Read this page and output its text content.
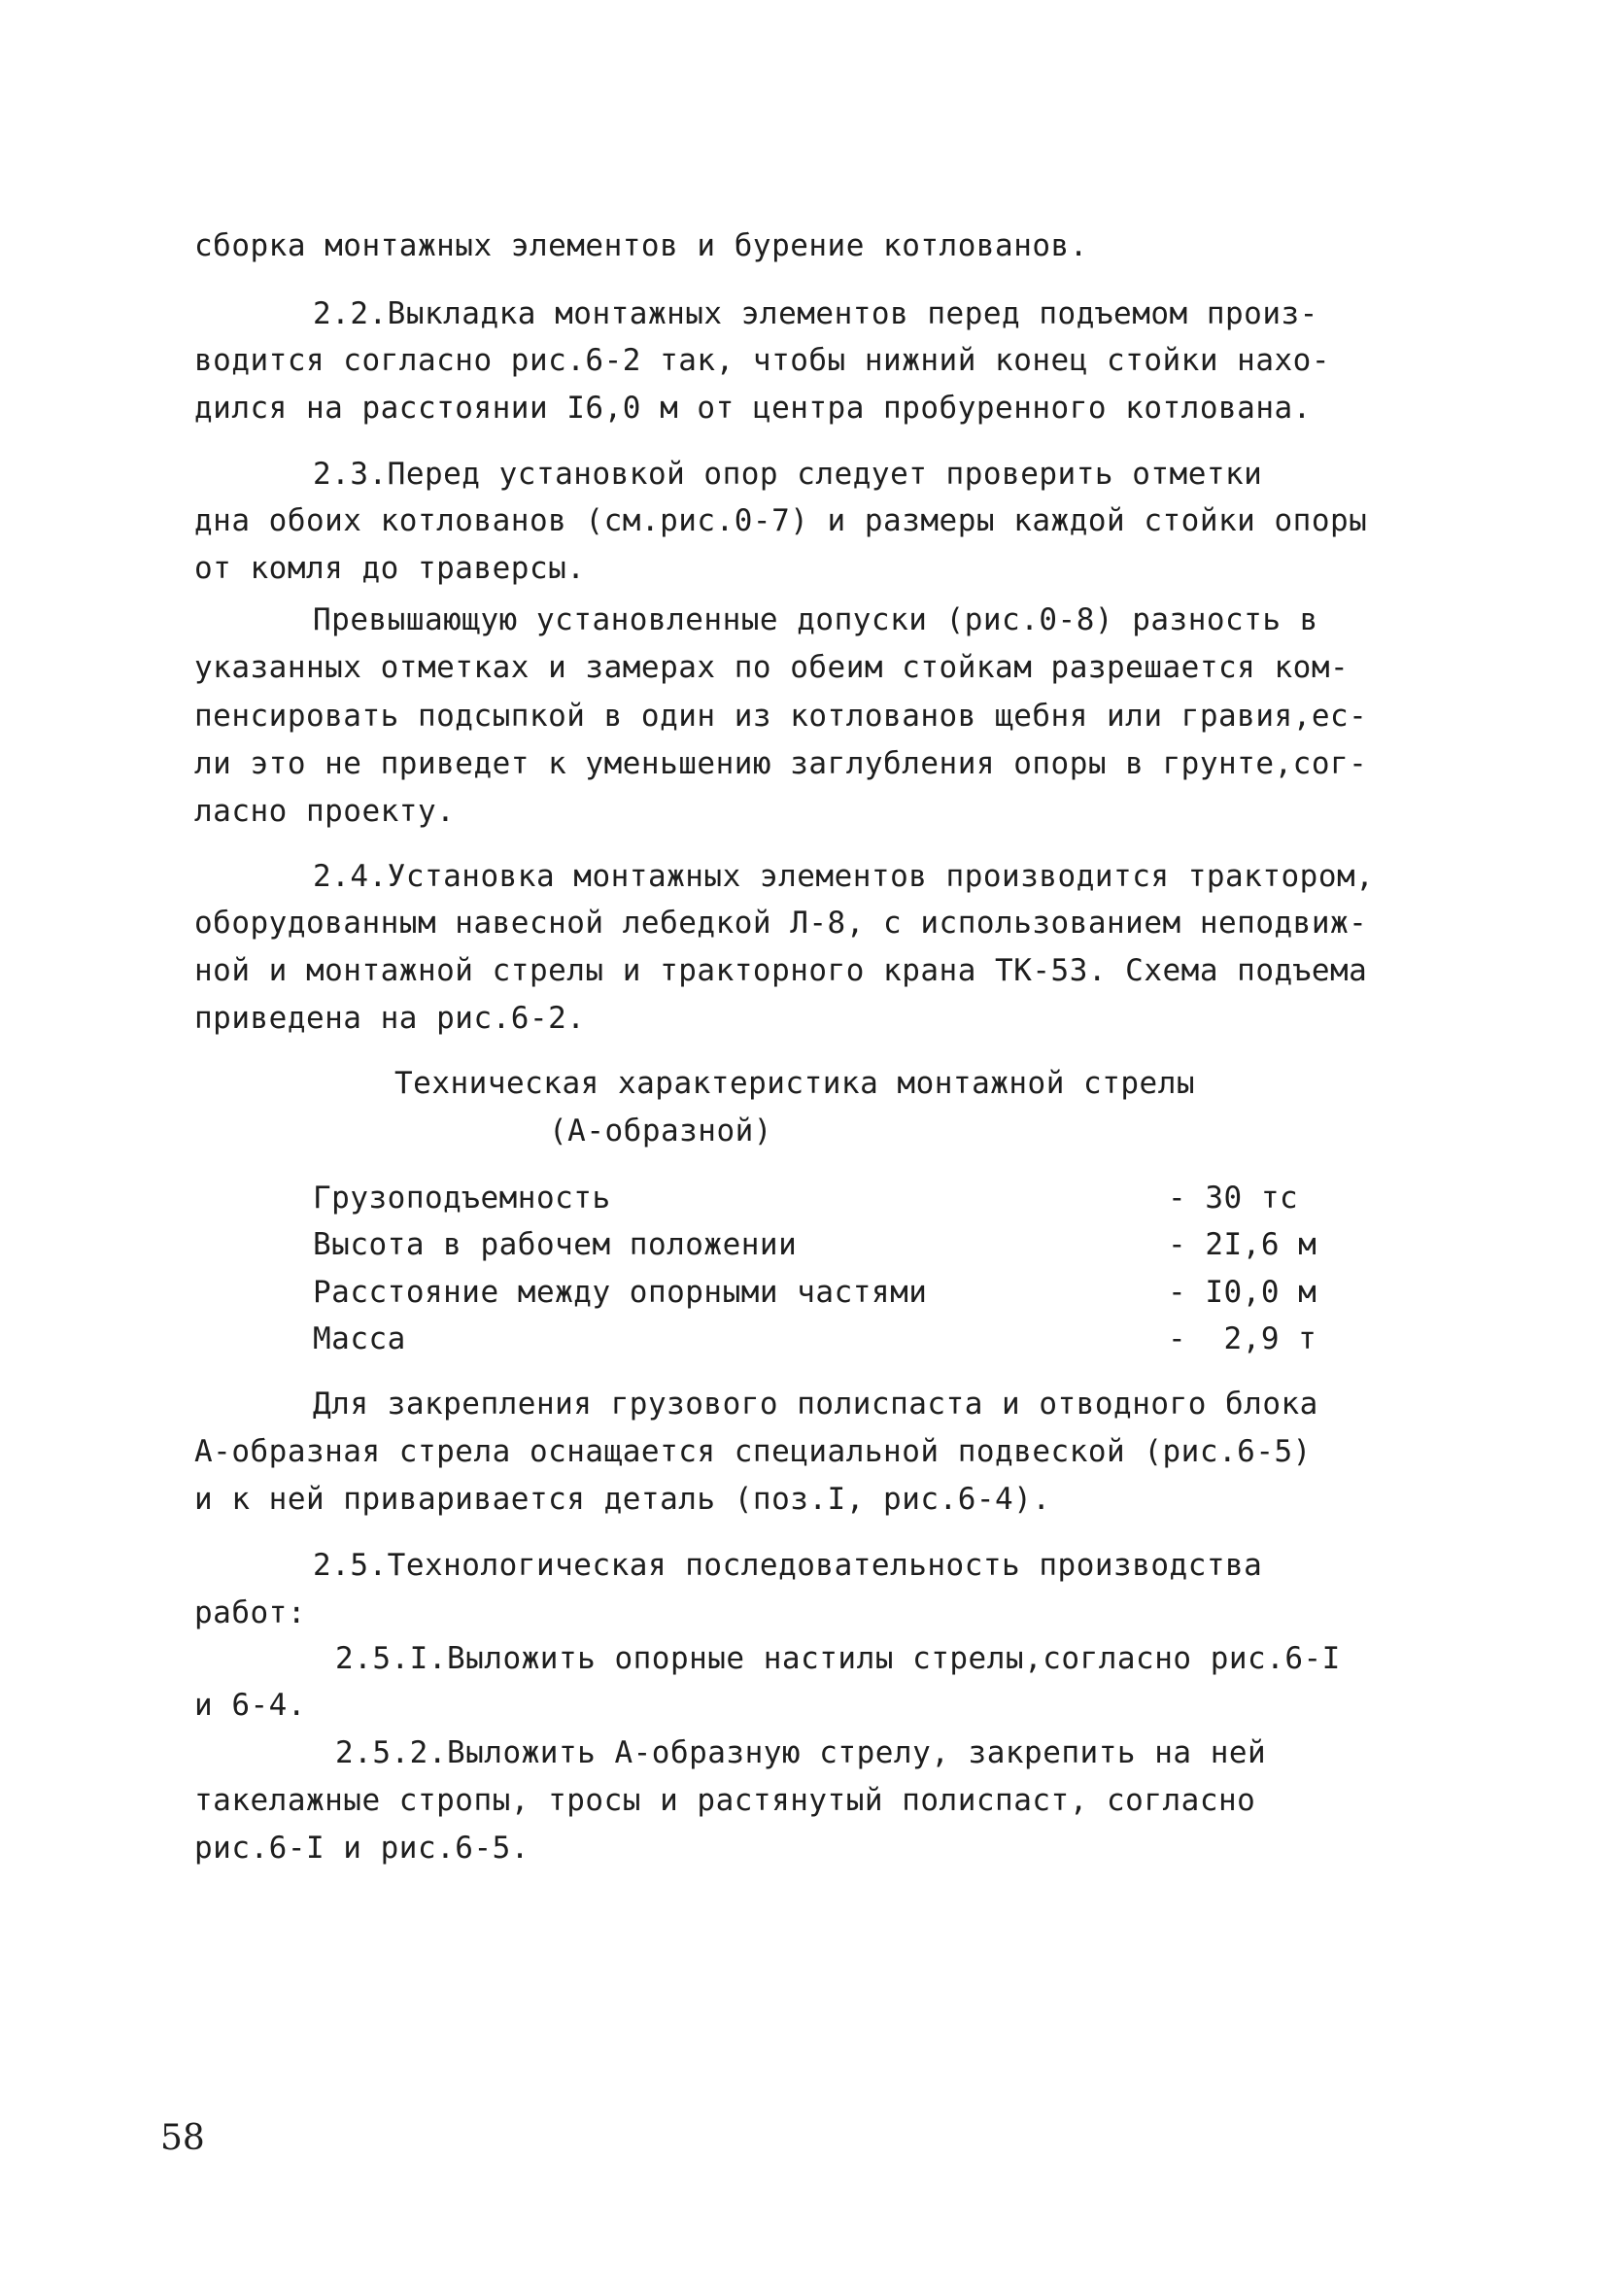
сборка монтажных элементов и бурение котлованов.
2.2.Выкладка монтажных элементов перед подъемом произ-
водится согласно рис.6-2 так, чтобы нижний конец стойки нахо-
дился на расстоянии I6,0 м от центра пробуренного котлована.
2.3.Перед установкой опор следует проверить отметки
дна обоих котлованов (см.рис.0-7) и размеры каждой стойки опоры
от комля до траверсы.
Превышающую установленные допуски (рис.0-8) разность в
указанных отметках и замерах по обеим стойкам разрешается ком-
пенсировать подсыпкой в один из котлованов щебня или гравия,ес-
ли это не приведет к уменьшению заглубления опоры в грунте,сог-
ласно проекту.
2.4.Установка монтажных элементов производится трактором,
оборудованным навесной лебедкой Л-8, с использованием неподвиж-
ной и монтажной стрелы и тракторного крана ТК-53. Схема подъема
приведена на рис.6-2.
Техническая характеристика монтажной стрелы
(А-образной)
Грузоподъемность	- 30 тс
Высота в рабочем положении	- 2I,6 м
Расстояние между опорными частями	- I0,0 м
Масса	-  2,9 т
Для закрепления грузового полиспаста и отводного блока
А-образная стрела оснащается специальной подвеской (рис.6-5)
и к ней приваривается деталь (поз.I, рис.6-4).
2.5.Технологическая последовательность производства
работ:
2.5.I.Выложить опорные настилы стрелы,согласно рис.6-I
и 6-4.
2.5.2.Выложить А-образную стрелу, закрепить на ней
такелажные стропы, тросы и растянутый полиспаст, согласно
рис.6-I и рис.6-5.
58
